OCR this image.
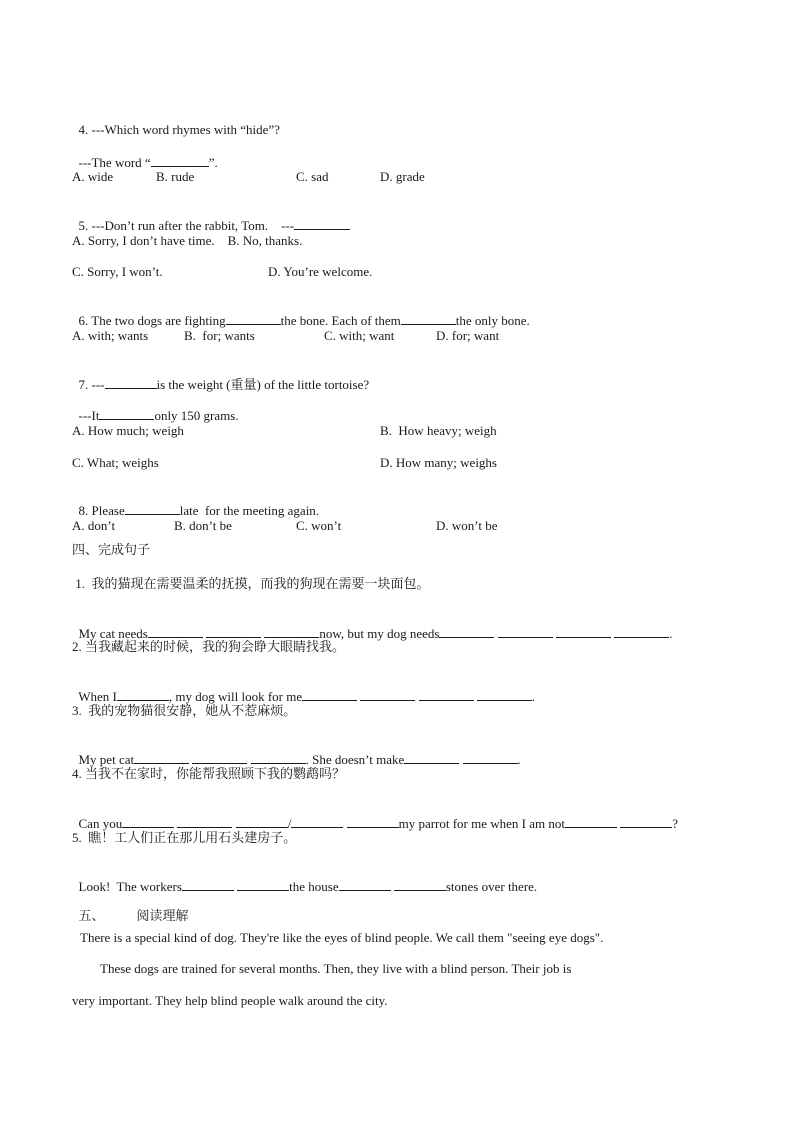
4. ---Which word rhymes with “hide”?

---The word “	”.

A. wide	B. rude	C. sad	D. grade

5. ---Don’t run after the rabbit, Tom.    ---

A. Sorry, I don’t have time.    B. No, thanks.
C. Sorry, I won’t.	D. You’re welcome.

6. The two dogs are fighting	the bone. Each of them	the only bone.

A. with; wants	B.  for; wants	C. with; want	D. for; want

7. ---	is the weight (重量) of the little tortoise?

---It	only 150 grams.

A. How much; weigh	B.  How heavy; weigh
C. What; weighs	D. How many; weighs

8. Please	late  for the meeting again.

A. don’t	B. don’t be	C. won’t	D. won’t be
四、完成句子
1.  我的猫现在需要温柔的抚摸，而我的狗现在需要一块面包。

My cat needs	now, but my dog needs	.

2. 当我藏起来的时候，我的狗会睁大眼睛找我。

When I	, my dog will look for me	.

3.  我的宠物猫很安静，她从不惹麻烦。

My pet cat	. She doesn’t make	.

4. 当我不在家时，你能帮我照顾下我的鹦鹉吗？

Can you	/	my parrot for me when I am not	?

5.  瞧！工人们正在那儿用石头建房子。

Look!  The workers	the house	stones over there.

五、 阅读理解

There is a special kind of dog. They're like the eyes of blind people. We call them "seeing eye dogs".
These dogs are trained for several months. Then, they live with a blind person. Their job is
very important. They help blind people walk around the city.
